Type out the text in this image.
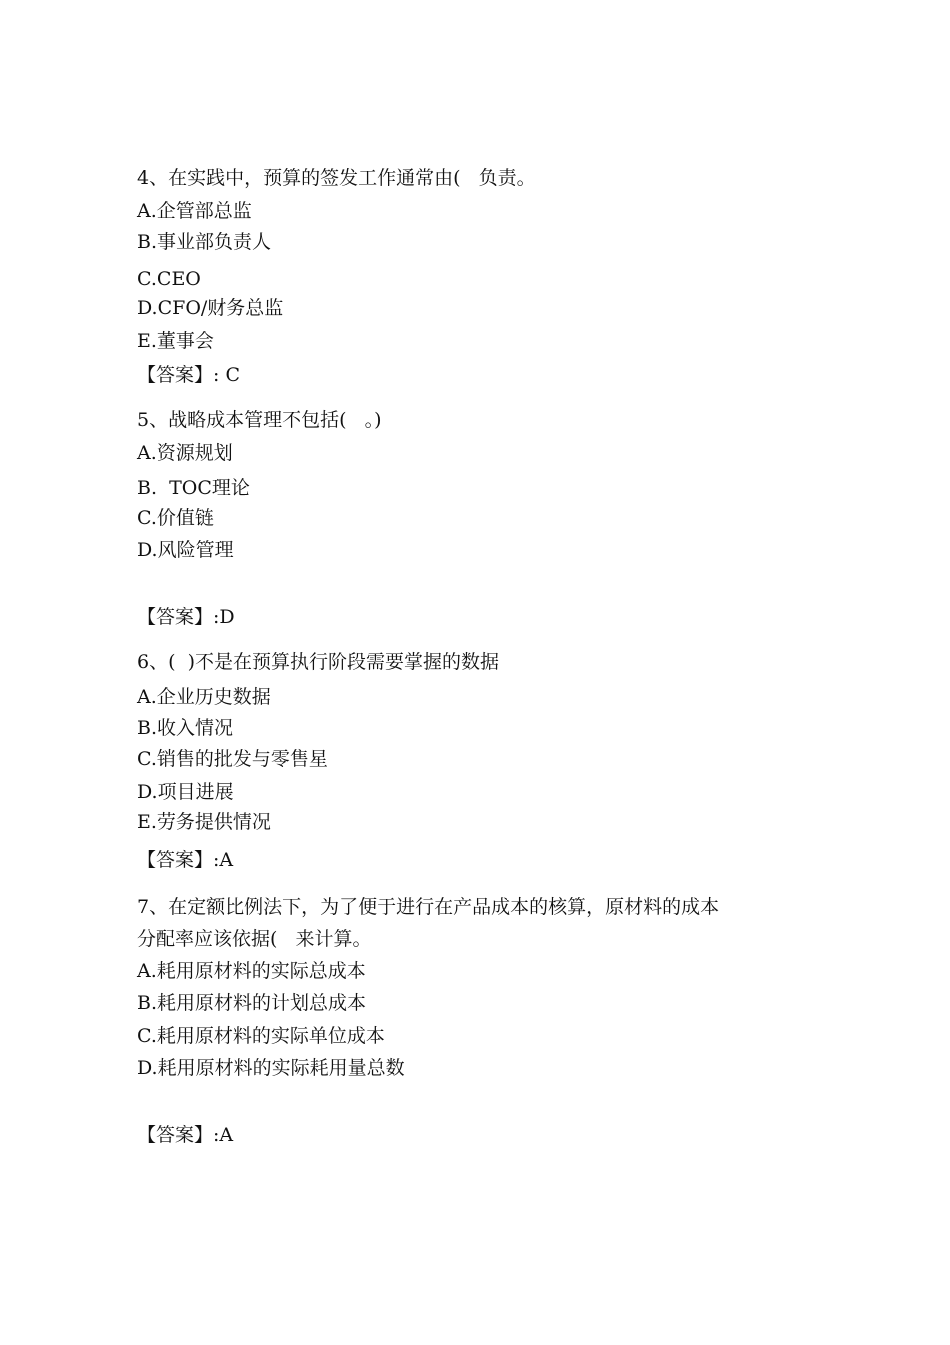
4、在实践中，预算的签发工作通常由(   负责。
A.企管部总监
B.事业部负责人
C.CEO
D.CFO/财务总监
E.董事会
【答案】: C
5、战略成本管理不包括(   。)
A.资源规划
B.  TOC理论
C.价值链
D.风险管理
【答案】:D
6、(  )不是在预算执行阶段需要掌握的数据
A.企业历史数据
B.收入情况
C.销售的批发与零售星
D.项目进展
E.劳务提供情况
【答案】:A
7、在定额比例法下，为了便于进行在产品成本的核算，原材料的成本
分配率应该依据(   来计算。
A.耗用原材料的实际总成本
B.耗用原材料的计划总成本
C.耗用原材料的实际单位成本
D.耗用原材料的实际耗用量总数
【答案】:A
